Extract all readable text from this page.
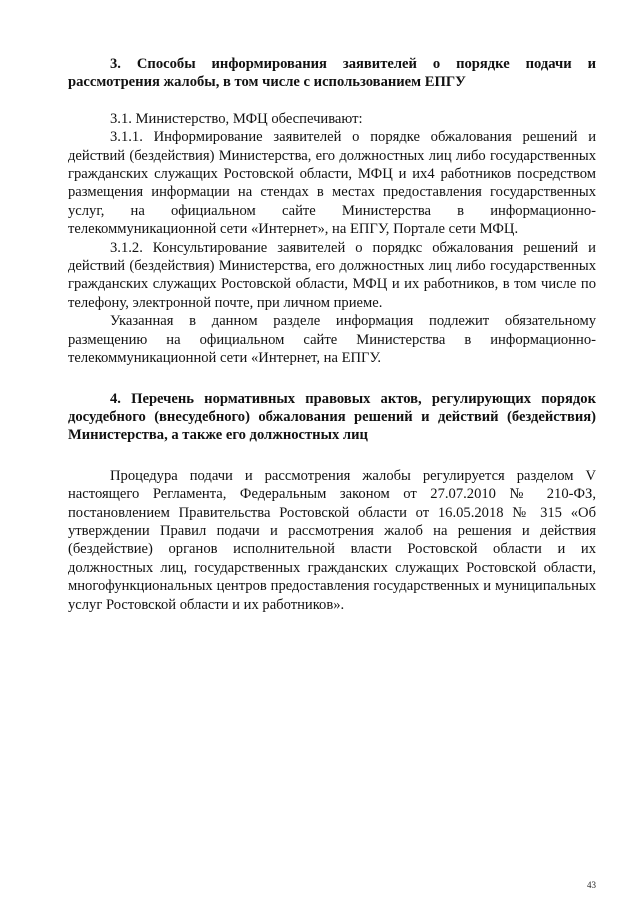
3. Способы информирования заявителей о порядке подачи и рассмотрения жалобы, в том числе с использованием ЕПГУ

3.1. Министерство, МФЦ обеспечивают:

3.1.1. Информирование заявителей о порядке обжалования решений и действий (бездействия) Министерства, его должностных лиц либо государственных гражданских служащих Ростовской области, МФЦ и их4 работников посредством размещения информации на стендах в местах предоставления государственных услуг, на официальном сайте Министерства в информационно-телекоммуникационной сети «Интернет», на ЕПГУ, Портале сети МФЦ.

3.1.2. Консультирование заявителей о порядкс обжалования решений и действий (бездействия) Министерства, его должностных лиц либо государственных гражданских служащих Ростовской области, МФЦ и их работников, в том числе по телефону, электронной почте, при личном приеме.

Указанная в данном разделе информация подлежит обязательному размещению на официальном сайте Министерства в информационно-телекоммуникационной сети «Интернет, на ЕПГУ.

4. Перечень нормативных правовых актов, регулирующих порядок досудебного (внесудебного) обжалования решений и действий (бездействия) Министерства, а также его должностных лиц

Процедура подачи и рассмотрения жалобы регулируется разделом V настоящего Регламента, Федеральным законом от 27.07.2010 № 210-ФЗ, постановлением Правительства Ростовской области от 16.05.2018 № 315 «Об утверждении Правил подачи и рассмотрения жалоб на решения и действия (бездействие) органов исполнительной власти Ростовской области и их должностных лиц, государственных гражданских служащих Ростовской области, многофункциональных центров предоставления государственных и муниципальных услуг Ростовской области и их работников».

43
